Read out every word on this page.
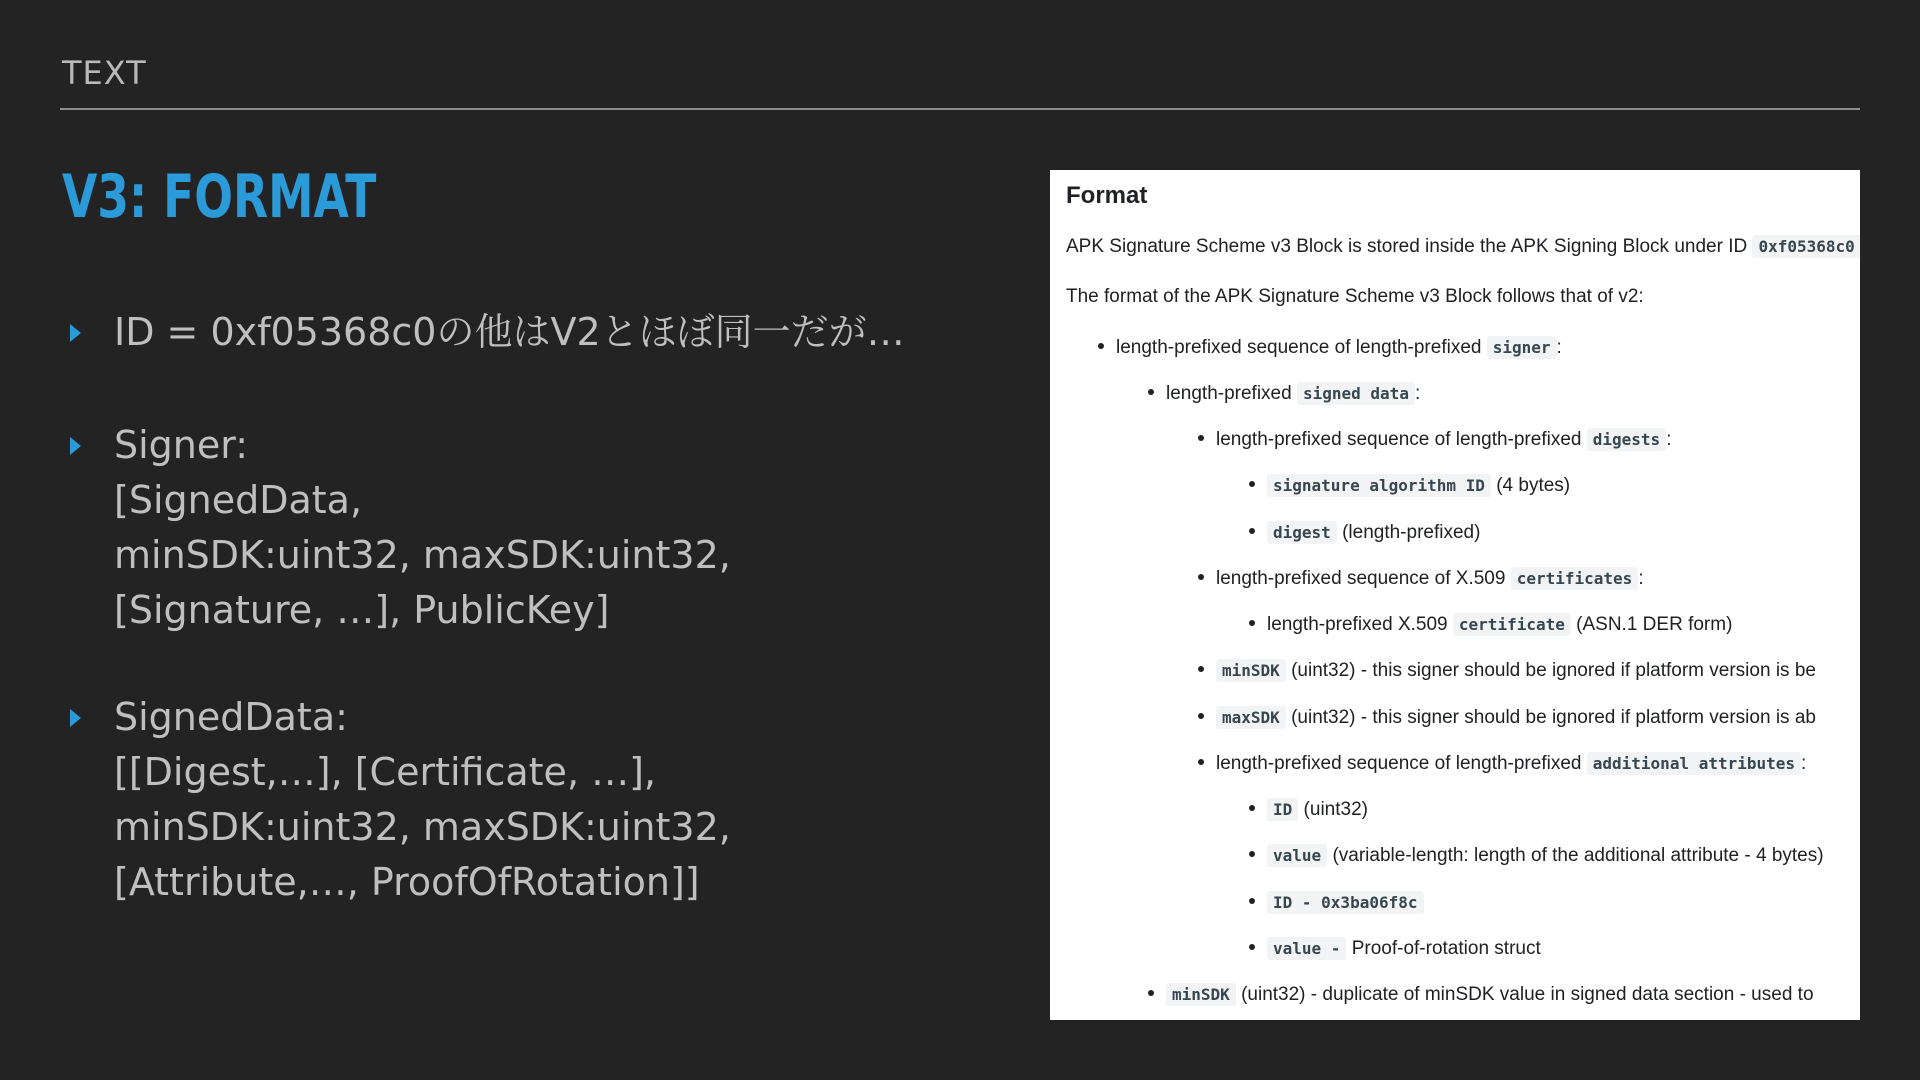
TEXT
V3: FORMAT
ID = 0xf05368c0の他はV2とほぼ同一だが…
Signer:
[SignedData,
minSDK:uint32, maxSDK:uint32,
[Signature, …], PublicKey]
SignedData:
[[Digest,…], [Certificate, …],
minSDK:uint32, maxSDK:uint32,
[Attribute,…, ProofOfRotation]]
Format
APK Signature Scheme v3 Block is stored inside the APK Signing Block under ID 0xf05368c0
The format of the APK Signature Scheme v3 Block follows that of v2:
length-prefixed sequence of length-prefixed signer :
length-prefixed signed data :
length-prefixed sequence of length-prefixed digests :
signature algorithm ID (4 bytes)
digest (length-prefixed)
length-prefixed sequence of X.509 certificates :
length-prefixed X.509 certificate (ASN.1 DER form)
minSDK (uint32) - this signer should be ignored if platform version is be
maxSDK (uint32) - this signer should be ignored if platform version is ab
length-prefixed sequence of length-prefixed additional attributes :
ID (uint32)
value (variable-length: length of the additional attribute - 4 bytes)
ID - 0x3ba06f8c
value - Proof-of-rotation struct
minSDK (uint32) - duplicate of minSDK value in signed data section - used to
